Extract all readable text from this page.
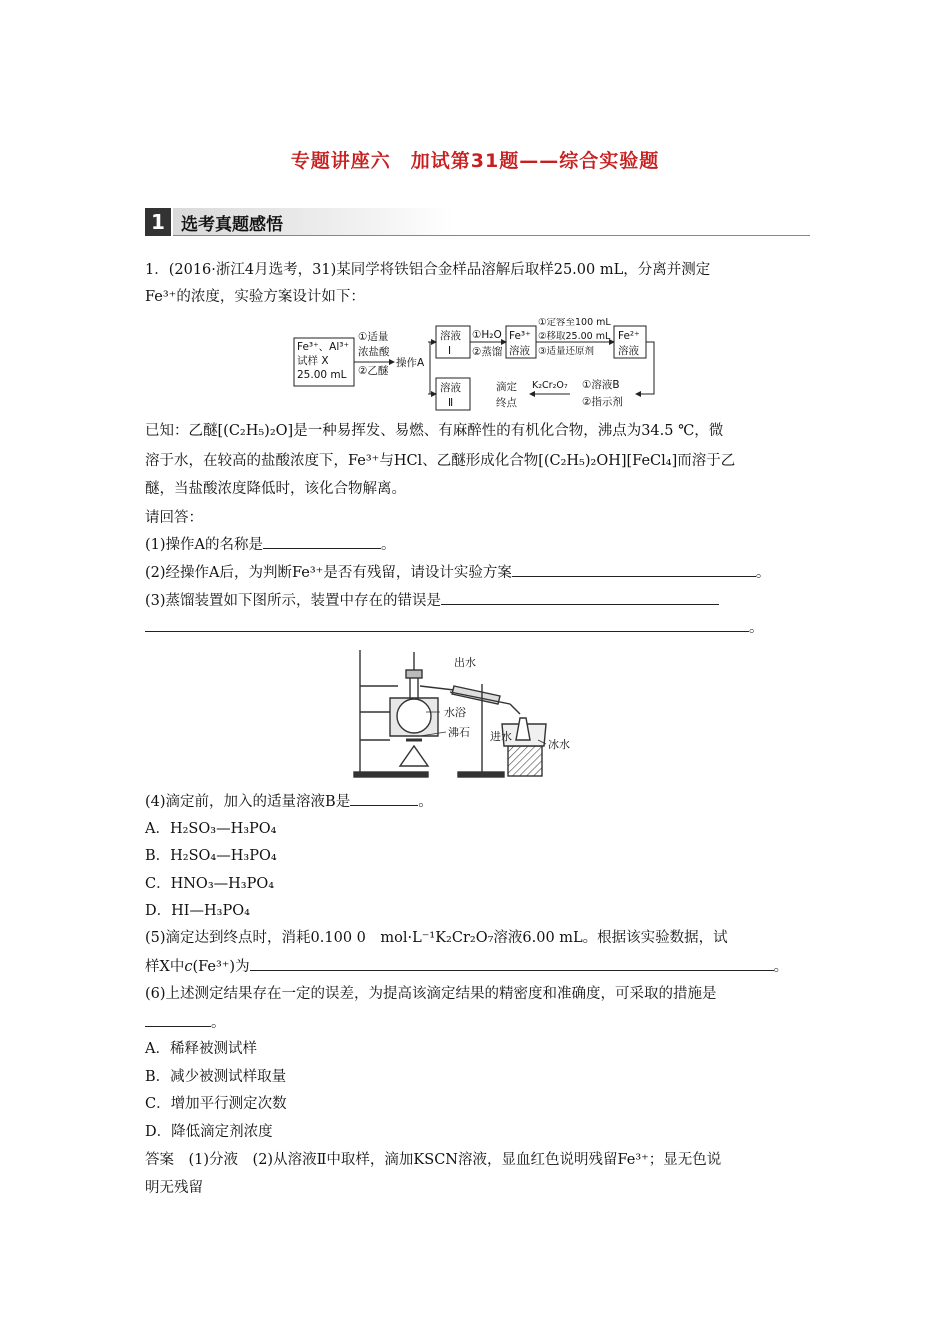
专题讲座六　加试第31题——综合实验题
1 选考真题感悟
1．(2016·浙江4月选考，31)某同学将铁铝合金样品溶解后取样25.00 mL，分离并测定
Fe³⁺的浓度，实验方案设计如下：
Fe³⁺、Al³⁺
试样 X
25.00 mL
①适量
浓盐酸
②乙醚
操作A
溶液
Ⅰ
①H₂O
②蒸馏
Fe³⁺
溶液
①定容至100 mL
②移取25.00 mL
③适量还原剂
Fe²⁺
溶液
溶液
Ⅱ
滴定
终点
K₂Cr₂O₇ ①溶液B
②指示剂
已知：乙醚[(C₂H₅)₂O]是一种易挥发、易燃、有麻醉性的有机化合物，沸点为34.5 ℃，微
溶于水，在较高的盐酸浓度下，Fe³⁺与HCl、乙醚形成化合物[(C₂H₅)₂OH][FeCl₄]而溶于乙
醚，当盐酸浓度降低时，该化合物解离。
请回答：
(1)操作A的名称是	。
(2)经操作A后，为判断Fe³⁺是否有残留，请设计实验方案	。
(3)蒸馏装置如下图所示，装置中存在的错误是
。
出水
水浴
沸石 进水
冰水
(4)滴定前，加入的适量溶液B是	。
A．H₂SO₃—H₃PO₄
B．H₂SO₄—H₃PO₄
C．HNO₃—H₃PO₄
D．HI—H₃PO₄
(5)滴定达到终点时，消耗0.100 0　mol·L⁻¹K₂Cr₂O₇溶液6.00 mL。根据该实验数据，试
样X中c(Fe³⁺)为	。
(6)上述测定结果存在一定的误差，为提高该滴定结果的精密度和准确度，可采取的措施是
。
A．稀释被测试样
B．减少被测试样取量
C．增加平行测定次数
D．降低滴定剂浓度
答案　(1)分液　(2)从溶液Ⅱ中取样，滴加KSCN溶液，显血红色说明残留Fe³⁺；显无色说
明无残留
